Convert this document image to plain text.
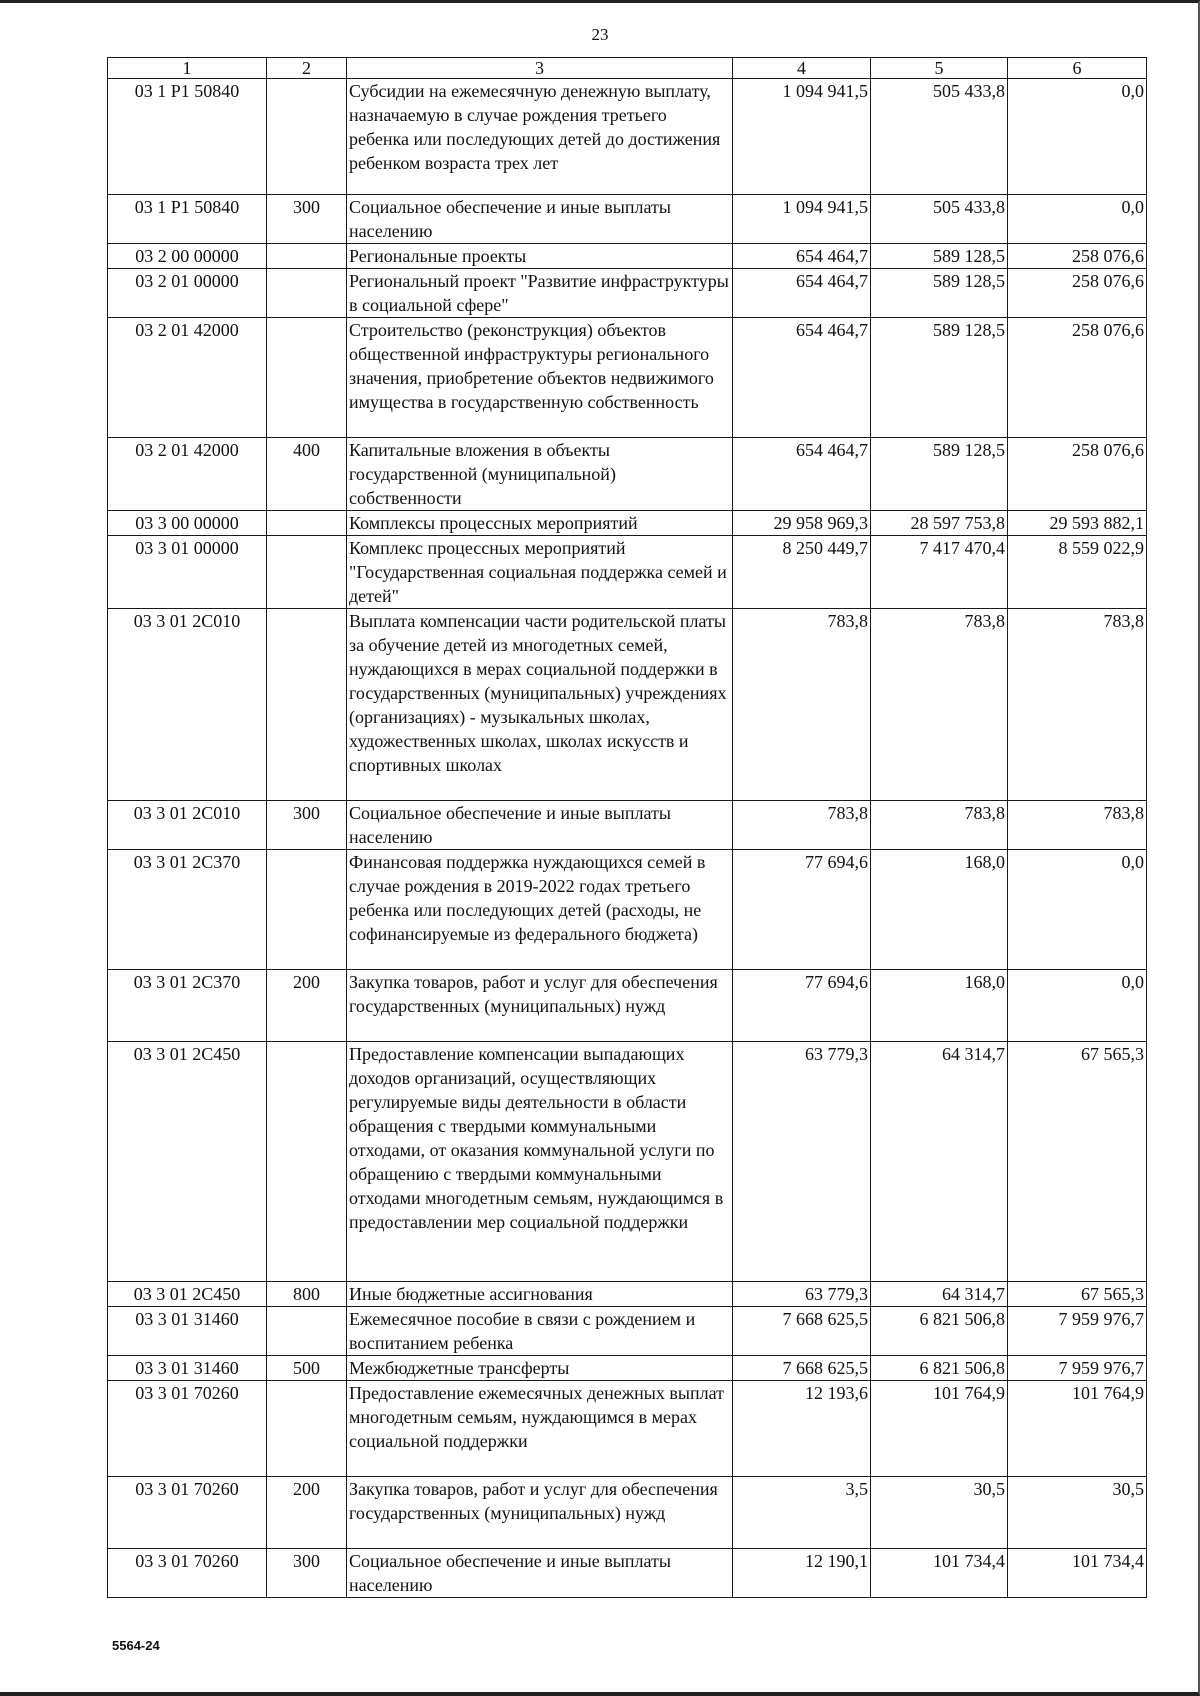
23
1	2	3	4	5	6
03 1 Р1 50840		Субсидии на ежемесячную денежную выплату, назначаемую в случае рождения третьего ребенка или последующих детей до достижения ребенком возраста трех лет	1 094 941,5	505 433,8	0,0
03 1 Р1 50840	300	Социальное обеспечение и иные выплаты населению	1 094 941,5	505 433,8	0,0
03 2 00 00000		Региональные проекты	654 464,7	589 128,5	258 076,6
03 2 01 00000		Региональный проект "Развитие инфраструктуры в социальной сфере"	654 464,7	589 128,5	258 076,6
03 2 01 42000		Строительство (реконструкция) объектов общественной инфраструктуры регионального значения, приобретение объектов недвижимого имущества в государственную собственность	654 464,7	589 128,5	258 076,6
03 2 01 42000	400	Капитальные вложения в объекты государственной (муниципальной) собственности	654 464,7	589 128,5	258 076,6
03 3 00 00000		Комплексы процессных мероприятий	29 958 969,3	28 597 753,8	29 593 882,1
03 3 01 00000		Комплекс процессных мероприятий "Государственная социальная поддержка семей и детей"	8 250 449,7	7 417 470,4	8 559 022,9
03 3 01 2С010		Выплата компенсации части родительской платы за обучение детей из многодетных семей, нуждающихся в мерах социальной поддержки в государственных (муниципальных) учреждениях (организациях) - музыкальных школах, художественных школах, школах искусств и спортивных школах	783,8	783,8	783,8
03 3 01 2С010	300	Социальное обеспечение и иные выплаты населению	783,8	783,8	783,8
03 3 01 2С370		Финансовая поддержка нуждающихся семей в случае рождения в 2019-2022 годах третьего ребенка или последующих детей (расходы, не софинансируемые из федерального бюджета)	77 694,6	168,0	0,0
03 3 01 2С370	200	Закупка товаров, работ и услуг для обеспечения государственных (муниципальных) нужд	77 694,6	168,0	0,0
03 3 01 2С450		Предоставление компенсации выпадающих доходов организаций, осуществляющих регулируемые виды деятельности в области обращения с твердыми коммунальными отходами, от оказания коммунальной услуги по обращению с твердыми коммунальными отходами многодетным семьям, нуждающимся в предоставлении мер социальной поддержки	63 779,3	64 314,7	67 565,3
03 3 01 2С450	800	Иные бюджетные ассигнования	63 779,3	64 314,7	67 565,3
03 3 01 31460		Ежемесячное пособие в связи с рождением и воспитанием ребенка	7 668 625,5	6 821 506,8	7 959 976,7
03 3 01 31460	500	Межбюджетные трансферты	7 668 625,5	6 821 506,8	7 959 976,7
03 3 01 70260		Предоставление ежемесячных денежных выплат многодетным семьям, нуждающимся в мерах социальной поддержки	12 193,6	101 764,9	101 764,9
03 3 01 70260	200	Закупка товаров, работ и услуг для обеспечения государственных (муниципальных) нужд	3,5	30,5	30,5
03 3 01 70260	300	Социальное обеспечение и иные выплаты населению	12 190,1	101 734,4	101 734,4
5564-24
